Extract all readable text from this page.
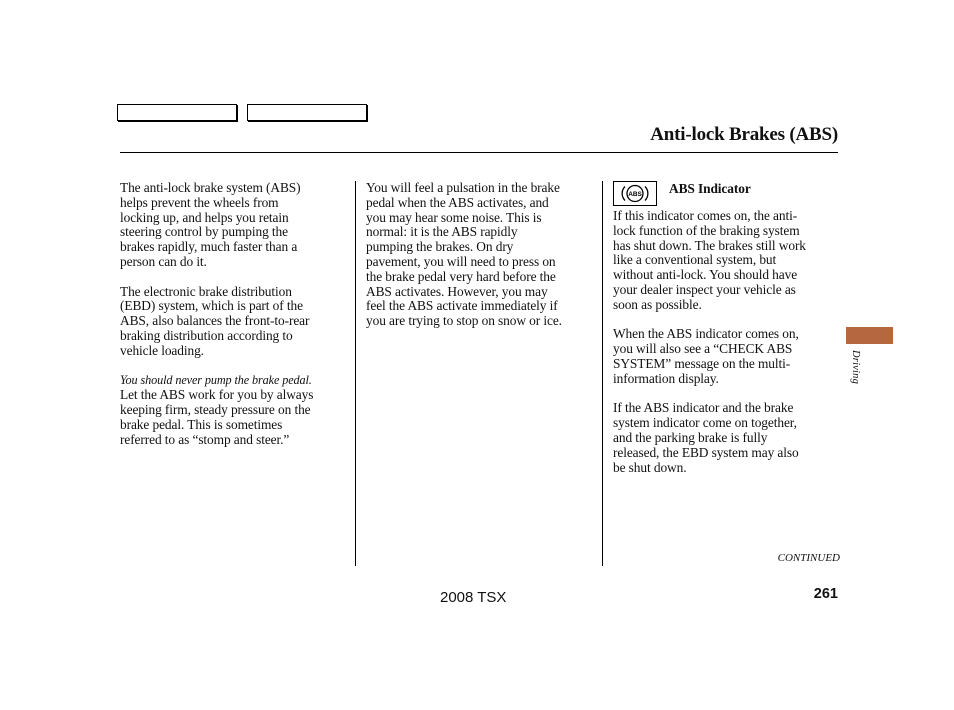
Anti-lock Brakes (ABS)

The anti-lock brake system (ABS)
helps prevent the wheels from
locking up, and helps you retain
steering control by pumping the
brakes rapidly, much faster than a
person can do it.

The electronic brake distribution
(EBD) system, which is part of the
ABS, also balances the front-to-rear
braking distribution according to
vehicle loading.

You should never pump the brake pedal.

Let the ABS work for you by always
keeping firm, steady pressure on the
brake pedal. This is sometimes
referred to as “stomp and steer.”

You will feel a pulsation in the brake
pedal when the ABS activates, and
you may hear some noise. This is
normal: it is the ABS rapidly
pumping the brakes. On dry
pavement, you will need to press on
the brake pedal very hard before the
ABS activates. However, you may
feel the ABS activate immediately if
you are trying to stop on snow or ice.

ABS ABS Indicator

If this indicator comes on, the anti-
lock function of the braking system
has shut down. The brakes still work
like a conventional system, but
without anti-lock. You should have
your dealer inspect your vehicle as
soon as possible.

When the ABS indicator comes on,
you will also see a “CHECK ABS
SYSTEM” message on the multi-
information display.

If the ABS indicator and the brake
system indicator come on together,
and the parking brake is fully
released, the EBD system may also
be shut down.

Driving
CONTINUED
2008 TSX	261
